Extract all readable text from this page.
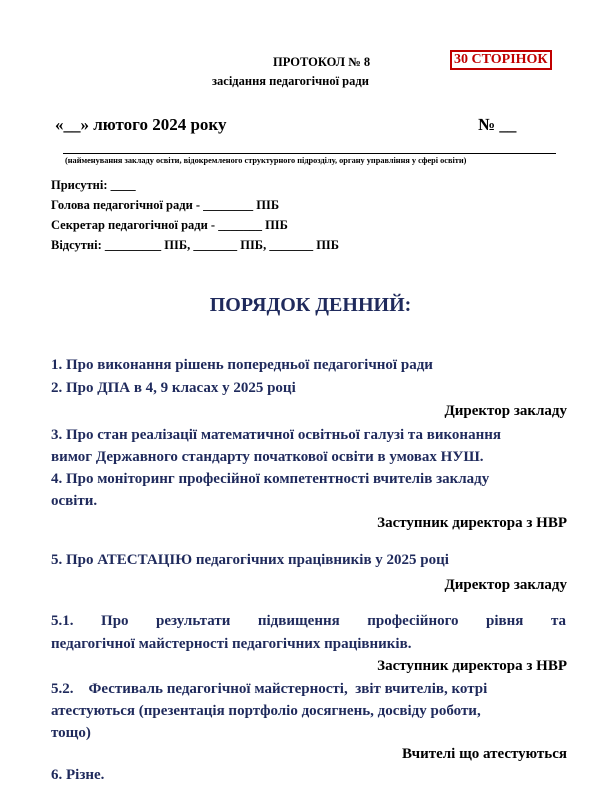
ПРОТОКОЛ № 8	30 СТОРІНОК
засідання педагогічної ради
«__» лютого 2024 року	№ __
(найменування закладу освіти, відокремленого структурного підрозділу, органу управління у сфері освіти)
Присутні: ____
Голова педагогічної ради - ________ ПІБ
Секретар педагогічної ради - _______ ПІБ
Відсутні: _________ ПІБ, _______ ПІБ, _______ ПІБ
ПОРЯДОК ДЕННИЙ:
1. Про виконання рішень попередньої педагогічної ради
2. Про ДПА в 4, 9 класах у 2025 році
Директор закладу
3. Про стан реалізації математичної освітньої галузі та виконання
вимог Державного стандарту початкової освіти в умовах НУШ.
4. Про моніторинг професійної компетентності вчителів закладу
освіти.
Заступник директора з НВР
5. Про АТЕСТАЦІЮ педагогічних працівників у 2025 році
Директор закладу
5.1. Про результати підвищення професійного рівня та
педагогічної майстерності педагогічних працівників.
Заступник директора з НВР
5.2.    Фестиваль педагогічної майстерності,  звіт вчителів, котрі
атестуються (презентація портфоліо досягнень, досвіду роботи,
тощо)
Вчителі що атестуються
6. Різне.
